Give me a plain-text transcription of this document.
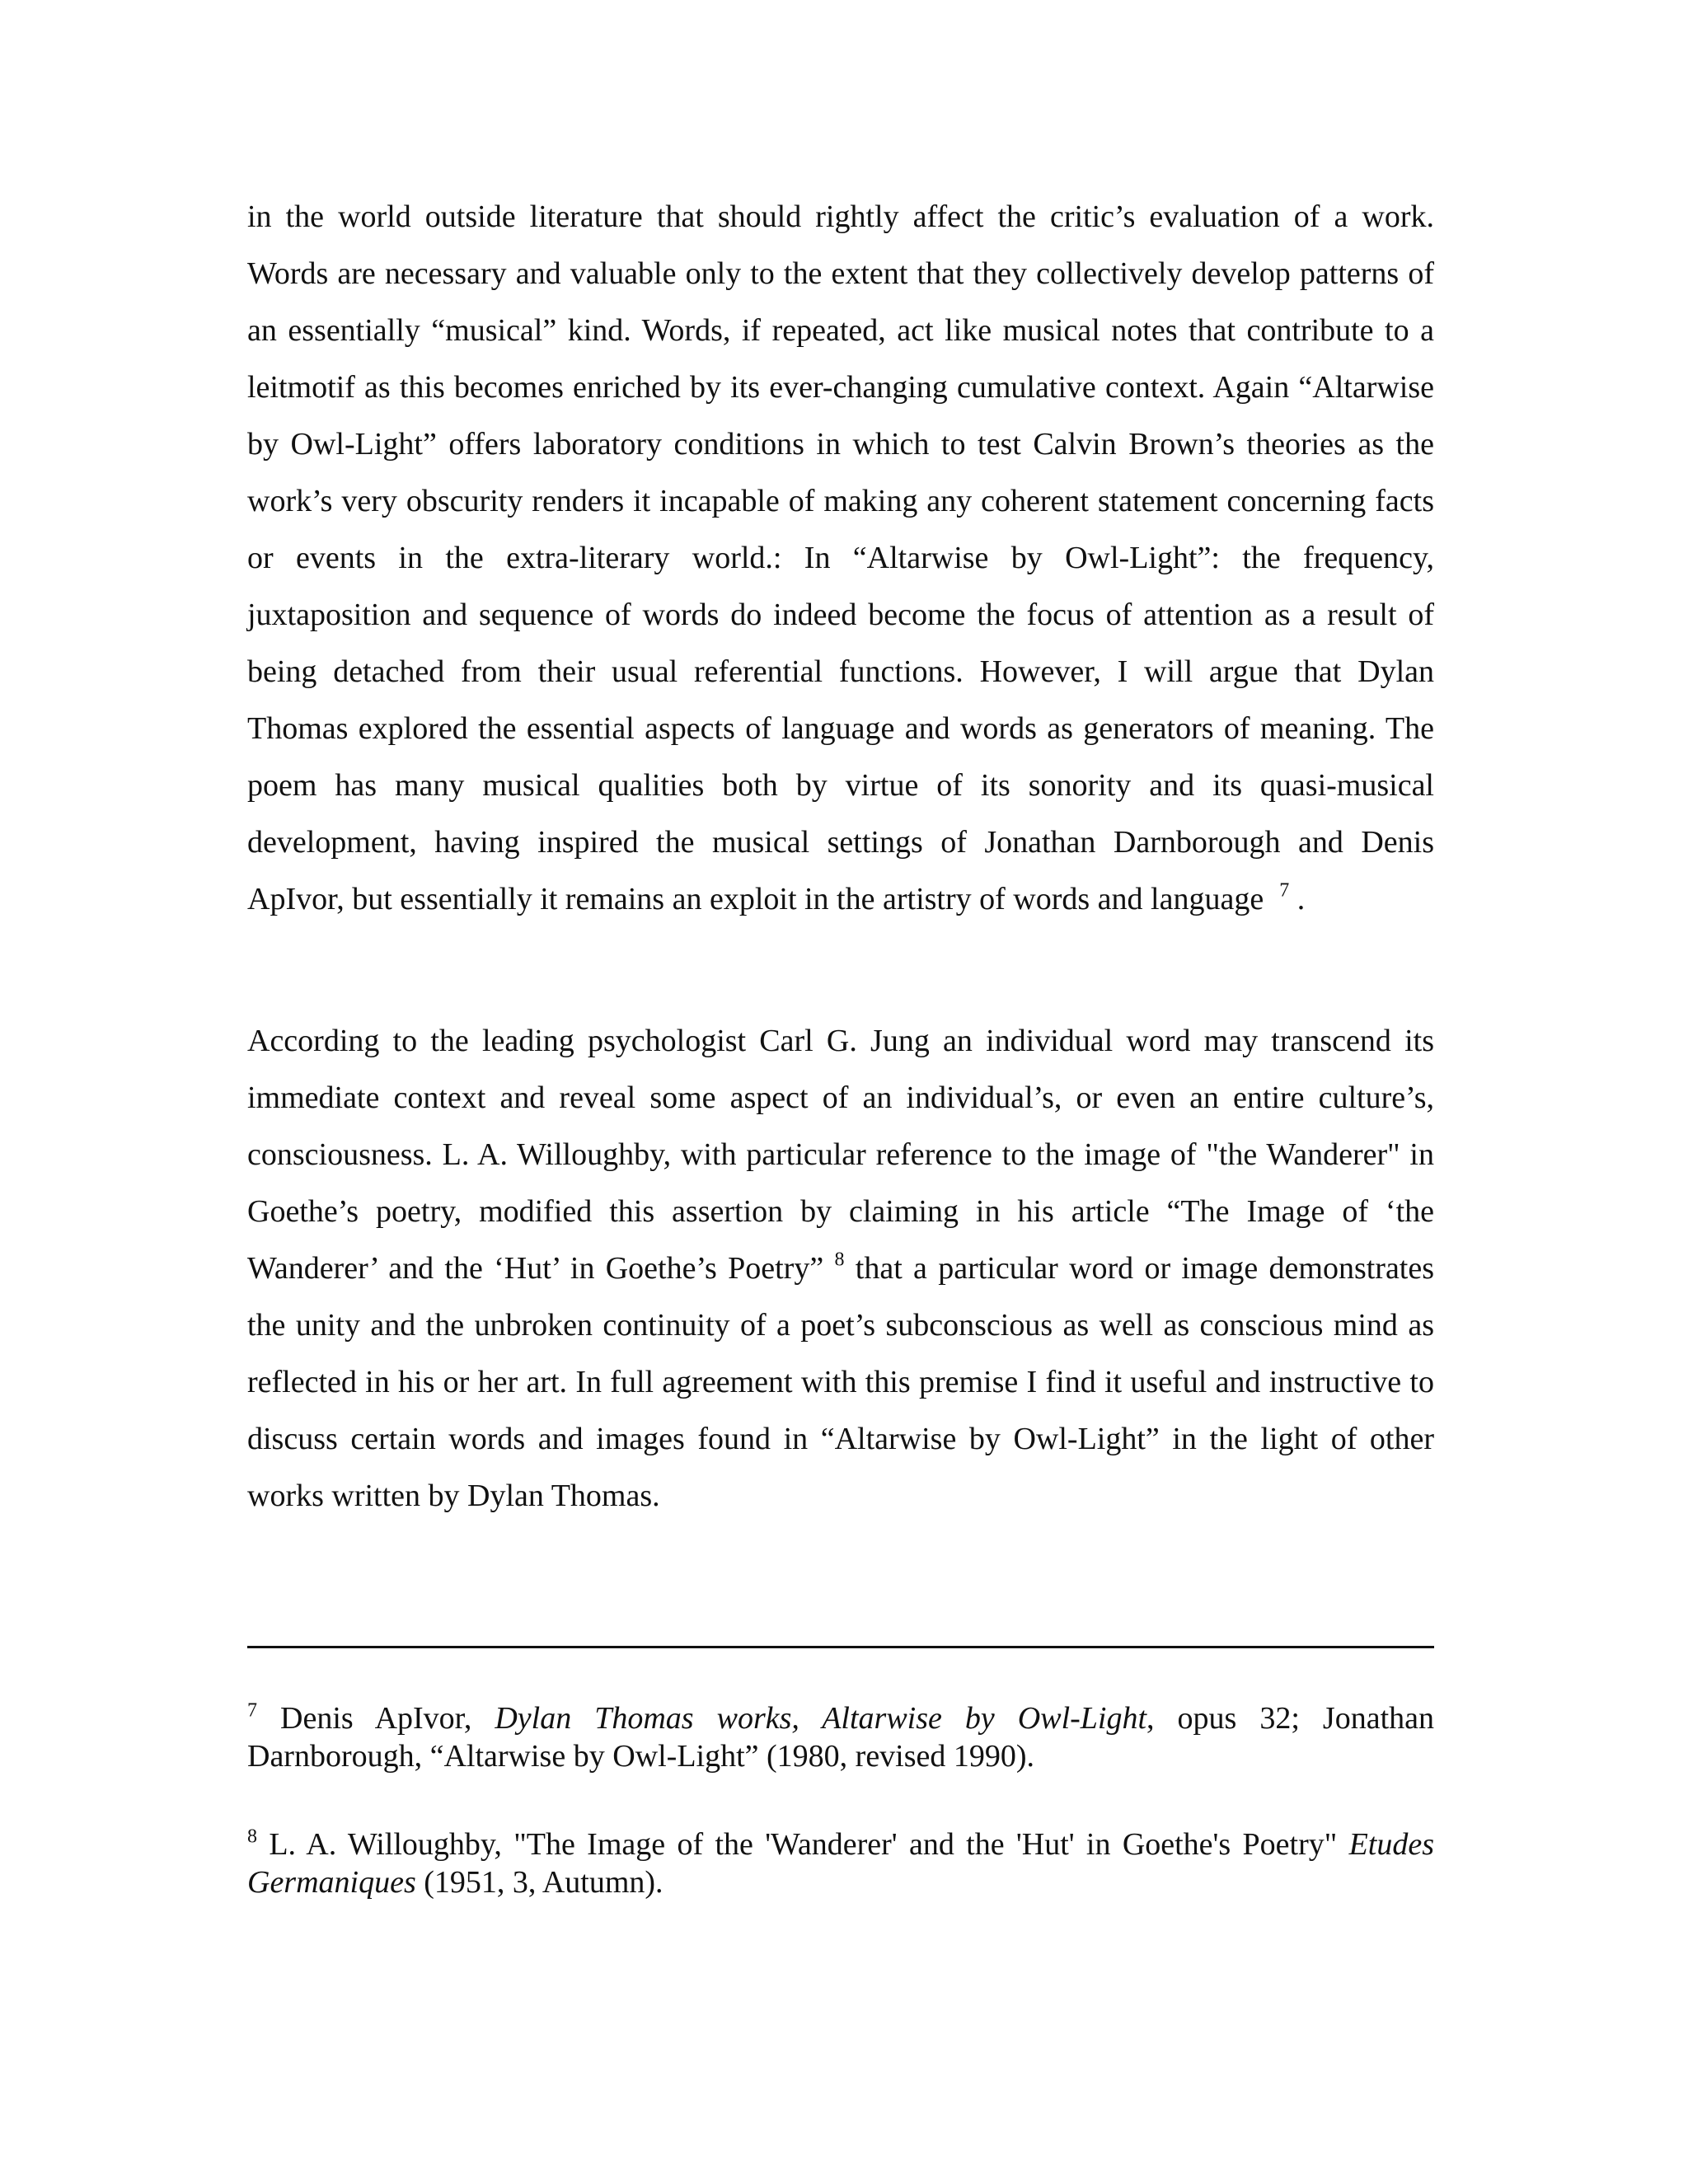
in the world outside literature that should rightly affect the critic’s evaluation of a work. Words are necessary and valuable only to the extent that they collectively develop patterns of an essentially “musical” kind. Words, if repeated, act like musical notes that contribute to a leitmotif as this becomes enriched by its ever-changing cumulative context. Again “Altarwise by Owl-Light” offers laboratory conditions in which to test Calvin Brown’s theories as the work’s very obscurity renders it incapable of making any coherent statement concerning facts or events in the extra-literary world.: In “Altarwise by Owl-Light”: the frequency, juxtaposition and sequence of words do indeed become the focus of attention as a result of being detached from their usual referential functions. However, I will argue that Dylan Thomas explored the essential aspects of language and words as generators of meaning. The poem has many musical qualities both by virtue of its sonority and its quasi-musical development, having inspired the musical settings of Jonathan Darnborough and Denis ApIvor, but essentially it remains an exploit in the artistry of words and language $^7$ .

According to the leading psychologist Carl G. Jung an individual word may transcend its immediate context and reveal some aspect of an individual’s, or even an entire culture’s, consciousness. L. A. Willoughby, with particular reference to the image of "the Wanderer" in Goethe’s poetry, modified this assertion by claiming in his article “The Image of ‘the Wanderer’ and the ‘Hut’ in Goethe’s Poetry” $^8$ that a particular word or image demonstrates the unity and the unbroken continuity of a poet’s subconscious as well as conscious mind as reflected in his or her art. In full agreement with this premise I find it useful and instructive to discuss certain words and images found in “Altarwise by Owl-Light” in the light of other works written by Dylan Thomas.

$^7$ Denis ApIvor, Dylan Thomas works, Altarwise by Owl-Light, opus 32; Jonathan Darnborough, “Altarwise by Owl-Light” (1980, revised 1990).

$^8$ L. A. Willoughby, "The Image of the 'Wanderer' and the 'Hut' in Goethe's Poetry" Etudes Germaniques (1951, 3, Autumn).
